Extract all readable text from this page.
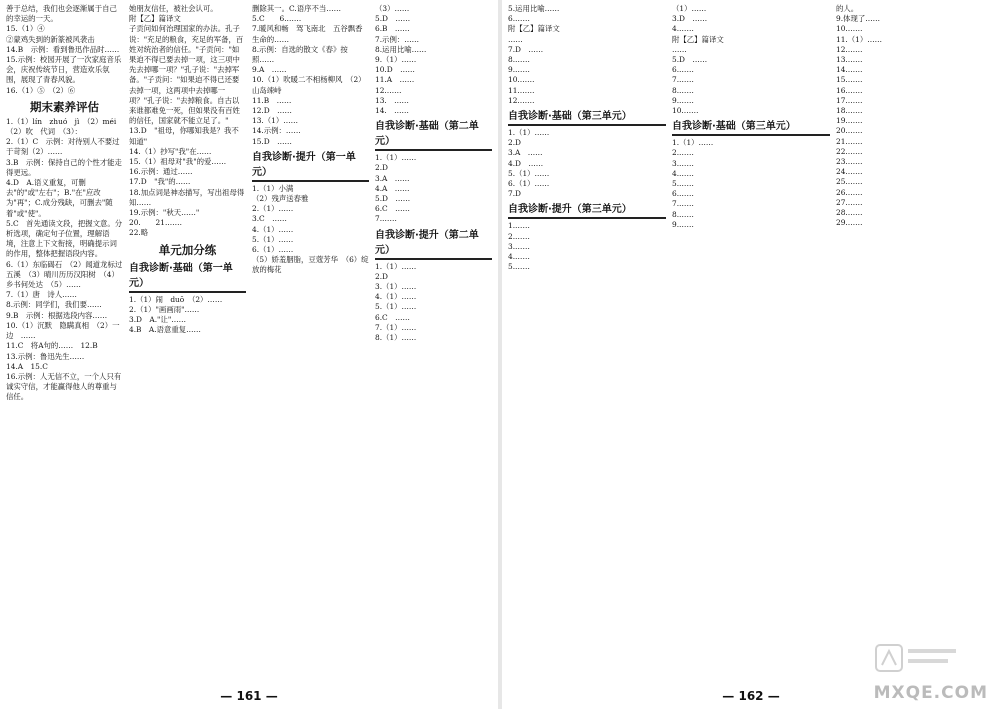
善于总结，我们也会逐渐属于自己的幸运的一天。

15.（1）④

②蒙鸡失到的新篆被风袭击

14.B　示例：看到鲁迅作品时……

15.示例：校园开展了一次家庭音乐会，庆祝传统节日，营造欢乐氛围，展现了青春风貌。

16.（1）⑤　（2）⑥

期末素养评估

1.（1）lín　zhuó　jì　（2）méi

（2）吹　代词　（3）：

2.（1）C　示例：对待别人不要过于苛刻（2）……

3.B　示例：保持自己的个性才能走得更远。

4.D　A.语义重复，可删去"的"或"左右"；B."在"应改为"再"；C.成分残缺，可删去"随着"或"使"。

5.C　首先通读文段，把握文意。分析选项，确定句子位置，理解语境，注意上下文衔接，明确提示词的作用，整体把握语段内容。

6.（1）东临碣石　（2）闻道龙标过五溪　（3）晴川历历汉阳树　（4）乡书何处达　（5）……

7.（1）唐　诗人……

8.示例：同学们，我们要……

9.B　示例：根据选段内容……

10.（1）沉默　隐瞒真相　（2）一边　……

11.C　将A句的……　12.B

13.示例：鲁迅先生……

14.A　15.C

16.示例：人无信不立，一个人只有诚实守信，才能赢得他人的尊重与信任。

她朋友信任，被社会认可。

附【乙】篇译文

子贡问如何治理国家的办法。孔子说："充足的粮食，充足的军备，百姓对统治者的信任。"子贡问："如果迫不得已要去掉一项，这三项中先去掉哪一项？"孔子说："去掉军备。"子贡问："如果迫不得已还要去掉一项，这两项中去掉哪一项？"孔子说："去掉粮食。自古以来谁都难免一死，但如果没有百姓的信任，国家就不能立足了。"

13.D　"祖母，你哪知我是？我不知道"

14.（1）抄写"我"在……

15.（1）祖母对"我"的爱……

16.示例：通过……

17.D　"我"的……

18.加点词是神态描写，写出祖母得知……

19.示例："秋天……"

20.　　21.……

22.略

单元加分练
自我诊断·基础（第一单元）

1.（1）闹　duō　（2）……

2.（1）"画画雨"……

3.D　A."让"……

4.B　A.语意重复……

删除其一。C.语序不当……

5.C　　6.……

7.暖风和畅　驾飞南北　五谷飘香　生命的……

8.示例：自选的散文《春》按照……

9.A　……

10.（1）吹暖二不相杨柳风　（2）山岛竦峙

11.B　……

12.D　……

13.（1）……

14.示例：……

15.D　……

自我诊断·提升（第一单元）

1.（1）小满

（2）残声送春雅

2.（1）……

3.C　……

4.（1）……

5.（1）……

6.（1）……

（5）娇羞胭脂，豆蔻芳华　（6）绽放的梅花

（3）……

5.D　……

6.B　……

7.示例：……

8.运用比喻……

9.（1）……

10.D　……

11.A　……

12.……

13.　……

14.　……

自我诊断·基础（第二单元）

1.（1）……

2.D

3.A　……

4.A　……

5.D　……

6.C　……

7.……

自我诊断·提升（第二单元）

1.（1）……

2.D

3.（1）……

4.（1）……

5.（1）……

6.C　……

7.（1）……

8.（1）……

— 161 —

5.运用比喻……

6.……

附【乙】篇译文

……

7.D　……

8.……

9.……

10.……

11.……

12.……

自我诊断·基础（第三单元）

1.（1）……

2.D

3.A　……

4.D　……

5.（1）……

6.（1）……

7.D

自我诊断·提升（第三单元）

1.……

2.……

3.……

4.……

5.……

（1）……

3.D　……

4.……

附【乙】篇译文

……

5.D　……

6.……

7.……

8.……

9.……

10.……

自我诊断·基础（第三单元）

1.（1）……

2.……

3.……

4.……

5.……

6.……

7.……

8.……

9.……

的人。

9.体现了……

10.……

11.（1）……

12.……

13.……

14.……

15.……

16.……

17.……

18.……

19.……

20.……

21.……

22.……

23.……

24.……

25.……

26.……

27.……

28.……

29.……

— 162 —	MXQE.COM
